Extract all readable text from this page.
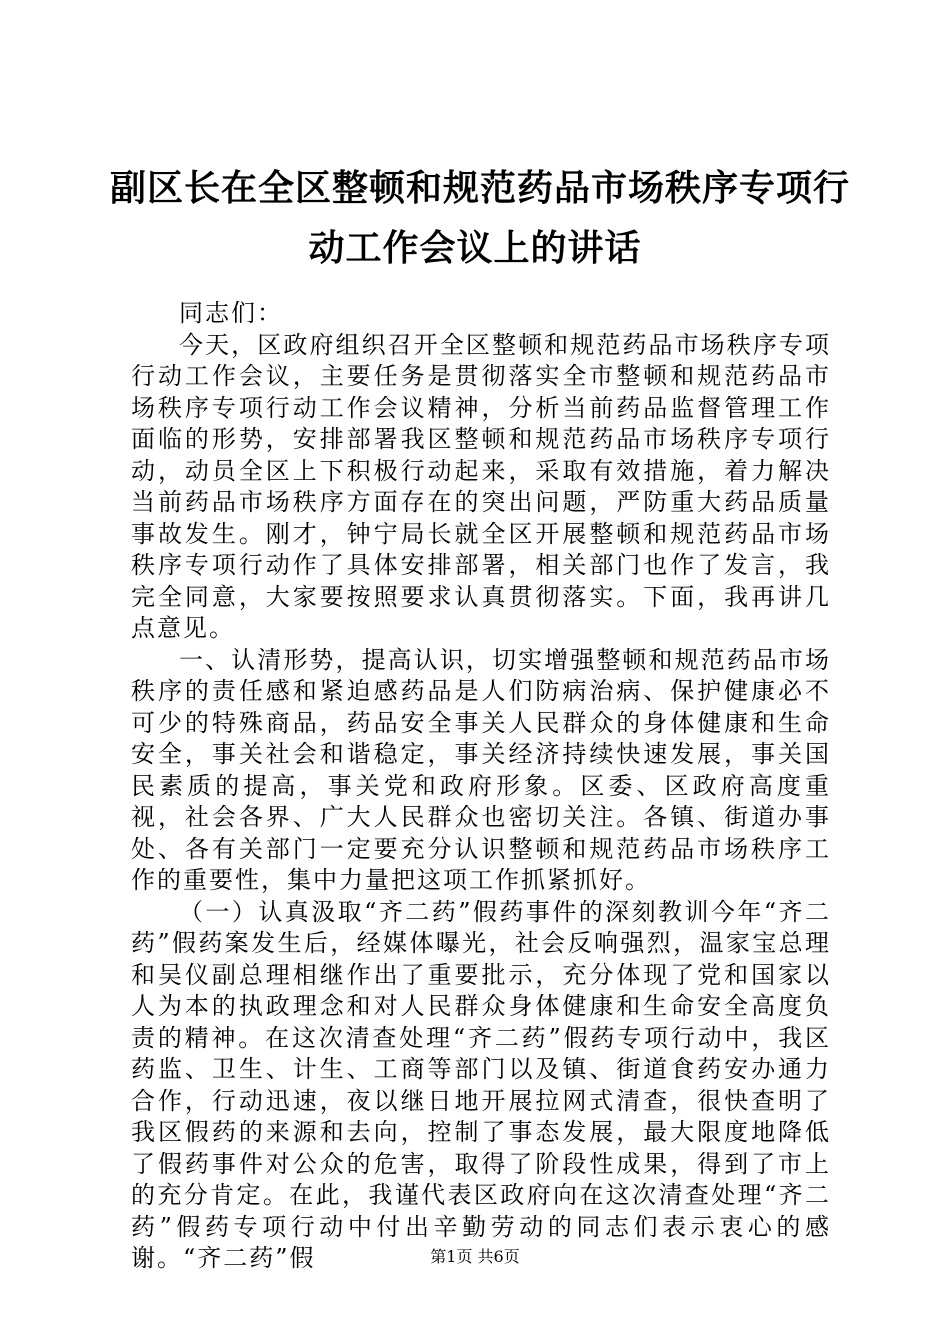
副区长在全区整顿和规范药品市场秩序专项行
动工作会议上的讲话

同志们：

今天，区政府组织召开全区整顿和规范药品市场秩序专项行动工作会议，主要任务是贯彻落实全市整顿和规范药品市场秩序专项行动工作会议精神，分析当前药品监督管理工作面临的形势，安排部署我区整顿和规范药品市场秩序专项行动，动员全区上下积极行动起来，采取有效措施，着力解决当前药品市场秩序方面存在的突出问题，严防重大药品质量事故发生。刚才，钟宁局长就全区开展整顿和规范药品市场秩序专项行动作了具体安排部署，相关部门也作了发言，我完全同意，大家要按照要求认真贯彻落实。下面，我再讲几点意见。

一、认清形势，提高认识，切实增强整顿和规范药品市场秩序的责任感和紧迫感药品是人们防病治病、保护健康必不可少的特殊商品，药品安全事关人民群众的身体健康和生命安全，事关社会和谐稳定，事关经济持续快速发展，事关国民素质的提高，事关党和政府形象。区委、区政府高度重视，社会各界、广大人民群众也密切关注。各镇、街道办事处、各有关部门一定要充分认识整顿和规范药品市场秩序工作的重要性，集中力量把这项工作抓紧抓好。

（一）认真汲取“齐二药”假药事件的深刻教训今年“齐二药”假药案发生后，经媒体曝光，社会反响强烈，温家宝总理和吴仪副总理相继作出了重要批示，充分体现了党和国家以人为本的执政理念和对人民群众身体健康和生命安全高度负责的精神。在这次清查处理“齐二药”假药专项行动中，我区药监、卫生、计生、工商等部门以及镇、街道食药安办通力合作，行动迅速，夜以继日地开展拉网式清查，很快查明了我区假药的来源和去向，控制了事态发展，最大限度地降低了假药事件对公众的危害，取得了阶段性成果，得到了市上的充分肯定。在此，我谨代表区政府向在这次清查处理“齐二药”假药专项行动中付出辛勤劳动的同志们表示衷心的感谢。“齐二药”假	第1页 共6页
